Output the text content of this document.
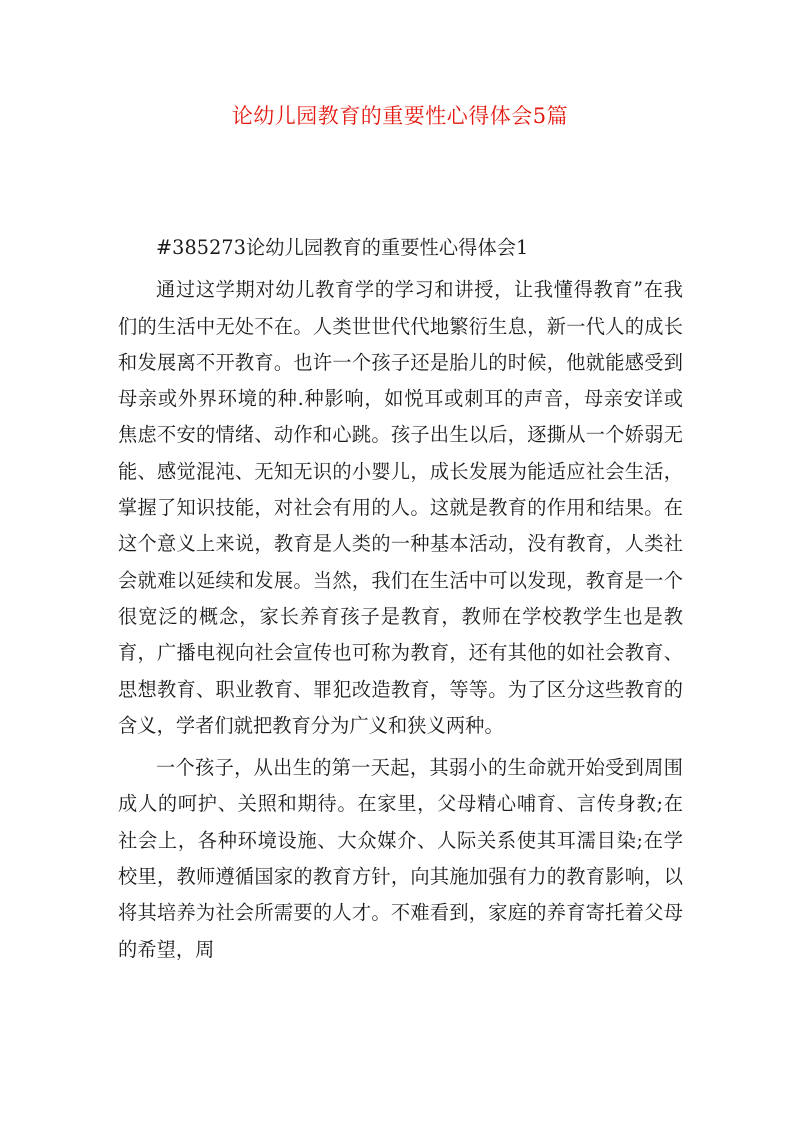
论幼儿园教育的重要性心得体会5篇

#385273论幼儿园教育的重要性心得体会1

通过这学期对幼儿教育学的学习和讲授，让我懂得教育”在我们的生活中无处不在。人类世世代代地繁衍生息，新一代人的成长和发展离不开教育。也许一个孩子还是胎儿的时候，他就能感受到母亲或外界环境的种.种影响，如悦耳或刺耳的声音，母亲安详或焦虑不安的情绪、动作和心跳。孩子出生以后，逐撕从一个娇弱无能、感觉混沌、无知无识的小婴儿，成长发展为能适应社会生活，掌握了知识技能，对社会有用的人。这就是教育的作用和结果。在这个意义上来说，教育是人类的一种基本活动，没有教育，人类社会就难以延续和发展。当然，我们在生活中可以发现，教育是一个很宽泛的概念，家长养育孩子是教育，教师在学校教学生也是教育，广播电视向社会宣传也可称为教育，还有其他的如社会教育、思想教育、职业教育、罪犯改造教育，等等。为了区分这些教育的含义，学者们就把教育分为广义和狭义两种。

一个孩子，从出生的第一天起，其弱小的生命就开始受到周围成人的呵护、关照和期待。在家里，父母精心哺育、言传身教;在社会上，各种环境设施、大众媒介、人际关系使其耳濡目染;在学校里，教师遵循国家的教育方针，向其施加强有力的教育影响，以将其培养为社会所需要的人才。不难看到，家庭的养育寄托着父母的希望，周
